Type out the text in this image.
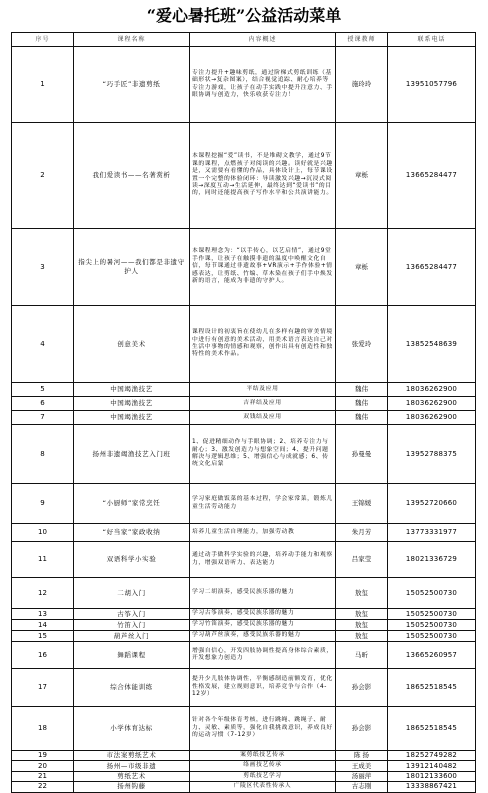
“爱心暑托班”公益活动菜单
序号	课程名称	内容概述	授课教师	联系电话
1	“巧手匠”非遗剪纸	专注力提升+趣味剪纸，通过阶梯式剪纸训练（基础形状→复杂图案），结合视觉追踪、耐心培养等专注力游戏，让孩子在动手实践中提升注意力、手眼协调与创造力，快乐收获专注力！	施玲玲	13951057796
2	我们爱读书——名著赏析	本课程挖掘“爱”读书，不是堆砌文教学，通过9节课的课程，点燃孩子对阅读的兴趣。读好就是兴趣是，又需要有看懂的作品，具体设计上，每节课设置一个完整的体验闭环：导读激发兴趣→沉浸式阅读→深度互动→生活延伸，最终达到“爱读书”的目的，同时还能提高孩子写作水平和公共演讲能力。	章栎	13665284477
3	指尖上的暑河——我们都是非遗守护人	本课程理念为：“以手传心，以艺启情”，通过9堂手作课，让孩子在触摸非遗的温度中唤醒文化自信，每节课通过非遗故事+VR演示+手作体验+情感表达，让剪纸、竹编、草木染在孩子们手中焕发新的语言，能成为非遗的守护人。	章栎	13665284477
4	创意美术	课程设计的初衷旨在使幼儿在多样有趣的审美情境中进行有创意的美术活动，用美术语言表达自己对生活中事物的情感和观察，创作出具有创造性和独特性的美术作品。	张爱玲	13852548639
5	中国竭渔技艺	平结及应用	魏伟	18036262900
6	中国竭渔技艺	吉祥结及应用	魏伟	18036262900
7	中国竭渔技艺	双钱结及应用	魏伟	18036262900
8	扬州非遗竭渔技艺入门班	1、促进精细动作与手眼协调；2、培养专注力与耐心；3、激发创造力与想象空间；4、提升问题解决与逻辑思维；5、增强信心与成就感；6、传统文化启蒙	孙曼曼	13952788375
9	“小厨师”家常烹饪	学习家庭做饭菜的基本过程，学会家常菜，锻炼儿童生活劳动能力	王锦媛	13952720660
10	“好当家”家政收纳	培养儿童生活自理能力，加强劳动教	朱月芳	13773331977
11	双语科学小实验	通过动手做科学实验的兴趣，培养动手能力和观察力，增强双语听力、表达能力	吕家莹	18021336729
12	二胡入门	学习二胡演奏，感受民族乐器的魅力	敖玺	15052500730
13	古筝入门	学习古筝演奏，感受民族乐器的魅力	敖玺	15052500730
14	竹笛入门	学习竹笛演奏，感受民族乐器的魅力	敖玺	15052500730
15	葫芦丝入门	学习葫芦丝演奏，感受民族乐器的魅力	敖玺	15052500730
16	舞蹈课程	增强自信心，开发四肢协调性提高身体综合素质，开发想象力创造力	马昕	13665260957
17	综合体能训练	提升少儿肢体协调性，平衡感制造前额发育，优化性格发展，建立规则意识，培养竞争与合作（4-12岁）	孙会影	18652518545
18	小学体育达标	针对各个年级体育考核，进行跳绳、跳绳子、耐力、灵敏、素质等，强化自我挑战意识，养成良好的运动习惯（7-12岁）	孙会影	18652518545
19	市法案剪纸艺术	案剪纸技艺传承	陈 扬	18252749282
20	扬州—市级非遗	络画技艺传承	王成美	13912140482
21	剪纸艺术	剪纸技艺学习	汤丽萍	18012133600
22	扬州钩藤	广陵区代表性传承人	古志刚	13338867421
